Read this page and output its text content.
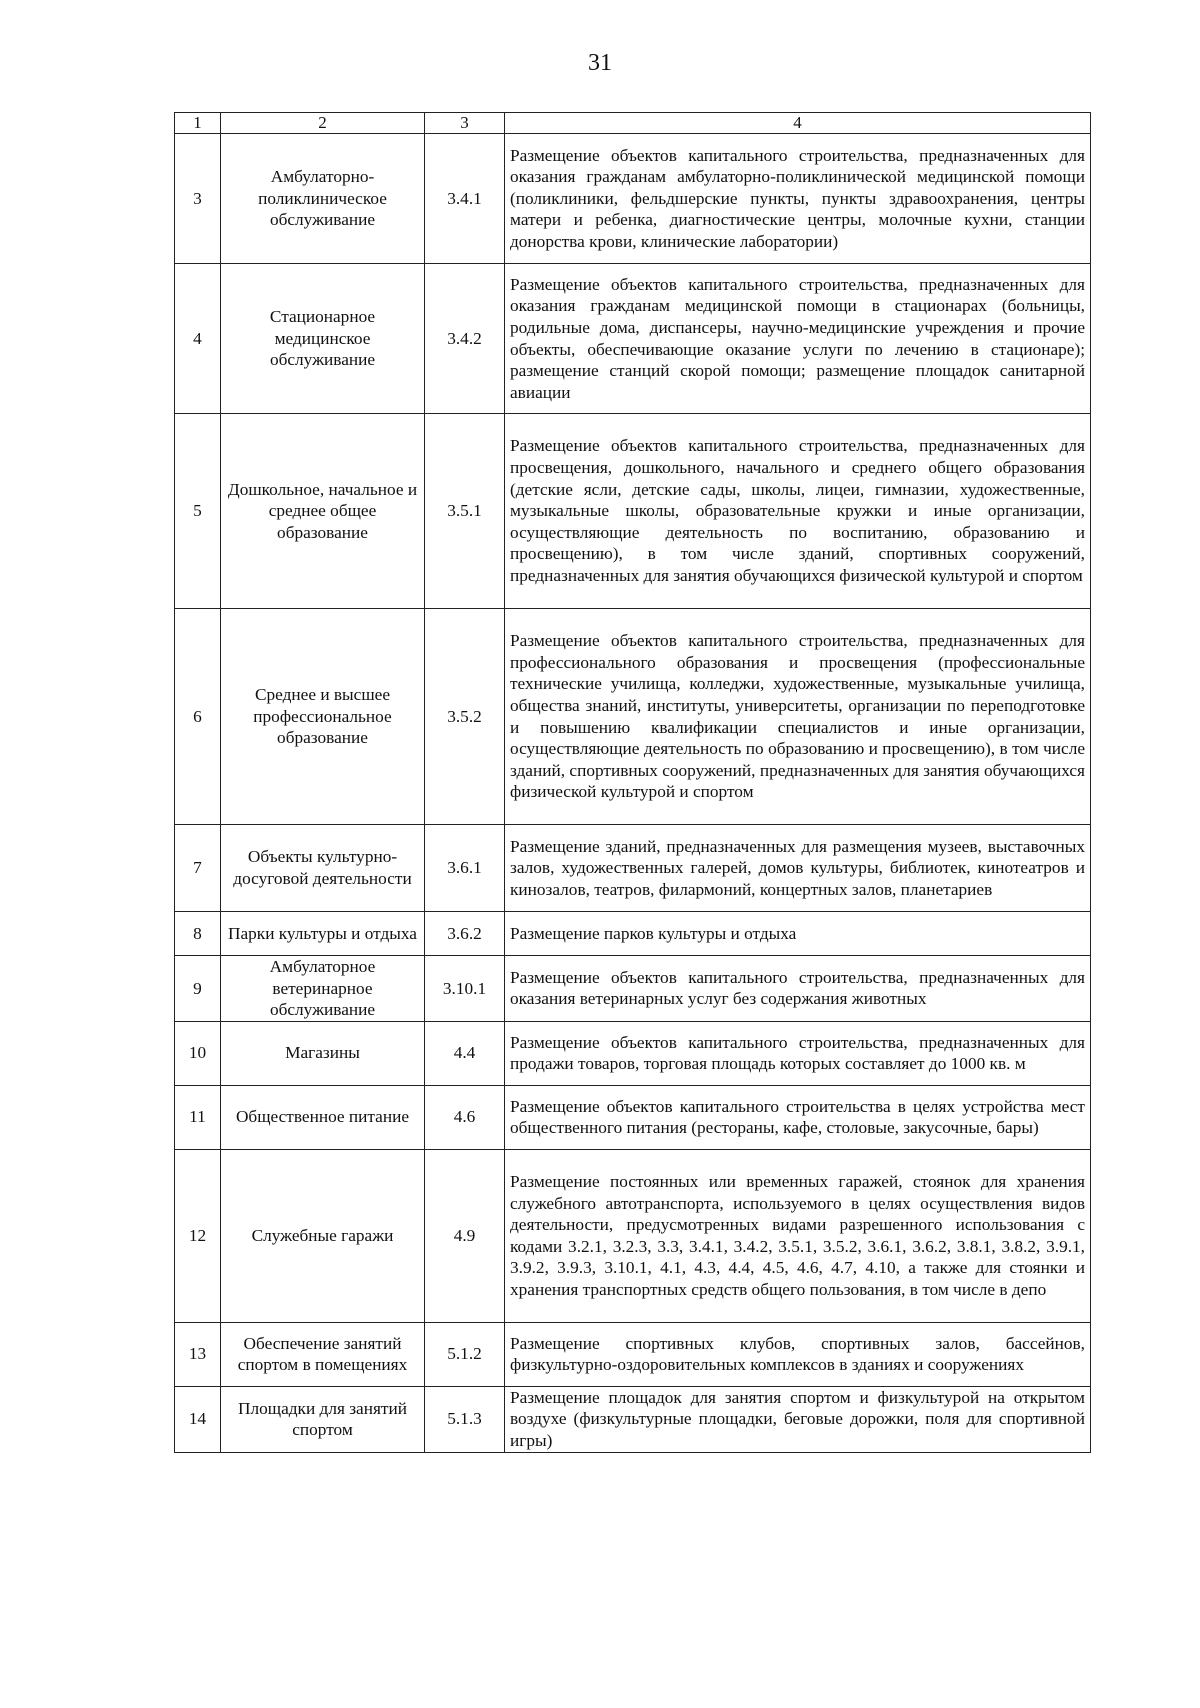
31
1	2	3	4
3	Амбулаторно-поликлиническое обслуживание	3.4.1	Размещение объектов капитального строительства, предназначенных для оказания гражданам амбулаторно-поликлинической медицинской помощи (поликлиники, фельдшерские пункты, пункты здравоохранения, центры матери и ребенка, диагностические центры, молочные кухни, станции донорства крови, клинические лаборатории)
4	Стационарное медицинское обслуживание	3.4.2	Размещение объектов капитального строительства, предназначенных для оказания гражданам медицинской помощи в стационарах (больницы, родильные дома, диспансеры, научно-медицинские учреждения и прочие объекты, обеспечивающие оказание услуги по лечению в стационаре); размещение станций скорой помощи; размещение площадок санитарной авиации
5	Дошкольное, начальное и среднее общее образование	3.5.1	Размещение объектов капитального строительства, предназначенных для просвещения, дошкольного, начального и среднего общего образования (детские ясли, детские сады, школы, лицеи, гимназии, художественные, музыкальные школы, образовательные кружки и иные организации, осуществляющие деятельность по воспитанию, образованию и просвещению), в том числе зданий, спортивных сооружений, предназначенных для занятия обучающихся физической культурой и спортом
6	Среднее и высшее профессиональное образование	3.5.2	Размещение объектов капитального строительства, предназначенных для профессионального образования и просвещения (профессиональные технические училища, колледжи, художественные, музыкальные училища, общества знаний, институты, университеты, организации по переподготовке и повышению квалификации специалистов и иные организации, осуществляющие деятельность по образованию и просвещению), в том числе зданий, спортивных сооружений, предназначенных для занятия обучающихся физической культурой и спортом
7	Объекты культурно-досуговой деятельности	3.6.1	Размещение зданий, предназначенных для размещения музеев, выставочных залов, художественных галерей, домов культуры, библиотек, кинотеатров и кинозалов, театров, филармоний, концертных залов, планетариев
8	Парки культуры и отдыха	3.6.2	Размещение парков культуры и отдыха
9	Амбулаторное ветеринарное обслуживание	3.10.1	Размещение объектов капитального строительства, предназначенных для оказания ветеринарных услуг без содержания животных
10	Магазины	4.4	Размещение объектов капитального строительства, предназначенных для продажи товаров, торговая площадь которых составляет до 1000 кв. м
11	Общественное питание	4.6	Размещение объектов капитального строительства в целях устройства мест общественного питания (рестораны, кафе, столовые, закусочные, бары)
12	Служебные гаражи	4.9	Размещение постоянных или временных гаражей, стоянок для хранения служебного автотранспорта, используемого в целях осуществления видов деятельности, предусмотренных видами разрешенного использования с кодами 3.2.1, 3.2.3, 3.3, 3.4.1, 3.4.2, 3.5.1, 3.5.2, 3.6.1, 3.6.2, 3.8.1, 3.8.2, 3.9.1, 3.9.2, 3.9.3, 3.10.1, 4.1, 4.3, 4.4, 4.5, 4.6, 4.7, 4.10, а также для стоянки и хранения транспортных средств общего пользования, в том числе в депо
13	Обеспечение занятий спортом в помещениях	5.1.2	Размещение спортивных клубов, спортивных залов, бассейнов, физкультурно-оздоровительных комплексов в зданиях и сооружениях
14	Площадки для занятий спортом	5.1.3	Размещение площадок для занятия спортом и физкультурой на открытом воздухе (физкультурные площадки, беговые дорожки, поля для спортивной игры)
